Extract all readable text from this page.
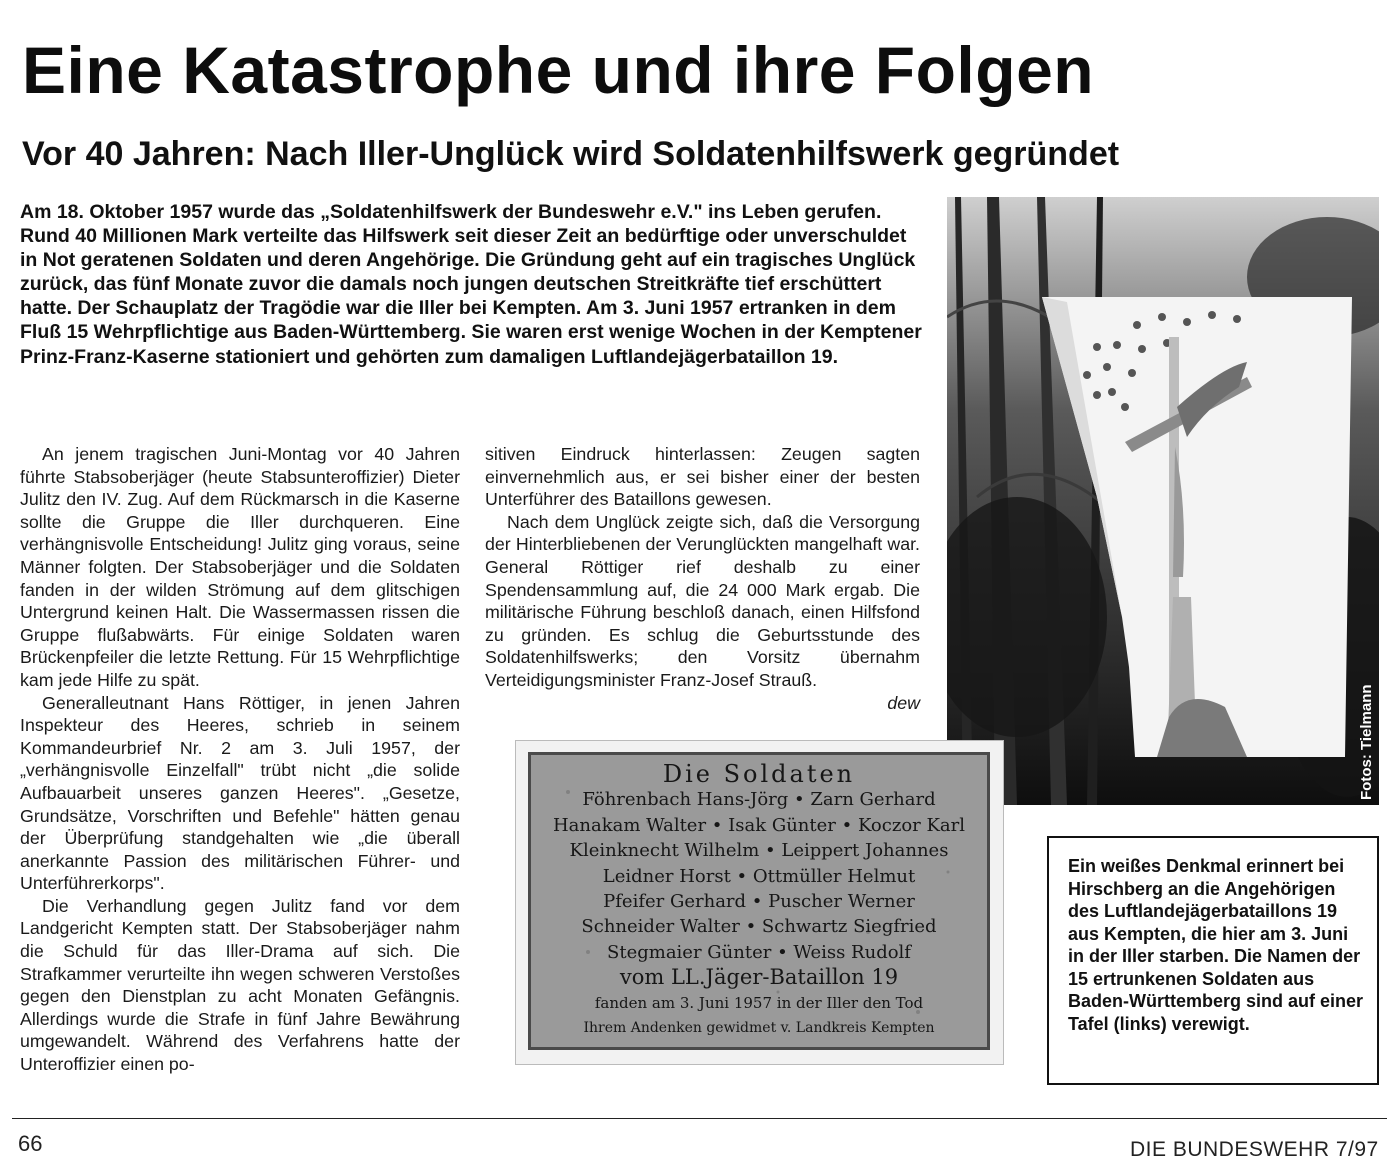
Eine Katastrophe und ihre Folgen
Vor 40 Jahren: Nach Iller-Unglück wird Soldatenhilfswerk gegründet

Am 18. Oktober 1957 wurde das „Soldatenhilfswerk der Bundeswehr e.V." ins Leben gerufen. Rund 40 Millionen Mark verteilte das Hilfswerk seit dieser Zeit an bedürftige oder unverschuldet in Not geratenen Soldaten und deren Angehörige. Die Gründung geht auf ein tragisches Unglück zurück, das fünf Monate zuvor die damals noch jungen deutschen Streitkräfte tief erschüttert hatte. Der Schauplatz der Tragödie war die Iller bei Kempten. Am 3. Juni 1957 ertranken in dem Fluß 15 Wehrpflichtige aus Baden-Württemberg. Sie waren erst wenige Wochen in der Kemptener Prinz-Franz-Kaserne stationiert und gehörten zum damaligen Luftlandejägerbataillon 19.

An jenem tragischen Juni-Montag vor 40 Jahren führte Stabsoberjäger (heute Stabsunteroffizier) Dieter Julitz den IV. Zug. Auf dem Rückmarsch in die Kaserne sollte die Gruppe die Iller durchqueren. Eine verhängnisvolle Entscheidung! Julitz ging voraus, seine Männer folgten. Der Stabsoberjäger und die Soldaten fanden in der wilden Strömung auf dem glitschigen Untergrund keinen Halt. Die Wassermassen rissen die Gruppe flußabwärts. Für einige Soldaten waren Brückenpfeiler die letzte Rettung. Für 15 Wehrpflichtige kam jede Hilfe zu spät.

Generalleutnant Hans Röttiger, in jenen Jahren Inspekteur des Heeres, schrieb in seinem Kommandeurbrief Nr. 2 am 3. Juli 1957, der „verhängnisvolle Einzelfall" trübt nicht „die solide Aufbauarbeit unseres ganzen Heeres". „Gesetze, Grundsätze, Vorschriften und Befehle" hätten genau der Überprüfung standgehalten wie „die überall anerkannte Passion des militärischen Führer- und Unterführerkorps".

Die Verhandlung gegen Julitz fand vor dem Landgericht Kempten statt. Der Stabsoberjäger nahm die Schuld für das Iller-Drama auf sich. Die Strafkammer verurteilte ihn wegen schweren Verstoßes gegen den Dienstplan zu acht Monaten Gefängnis. Allerdings wurde die Strafe in fünf Jahre Bewährung umgewandelt. Während des Verfahrens hatte der Unteroffizier einen po-

sitiven Eindruck hinterlassen: Zeugen sagten einvernehmlich aus, er sei bisher einer der besten Unterführer des Bataillons gewesen.

Nach dem Unglück zeigte sich, daß die Versorgung der Hinterbliebenen der Verunglückten mangelhaft war. General Röttiger rief deshalb zu einer Spendensammlung auf, die 24 000 Mark ergab. Die militärische Führung beschloß danach, einen Hilfsfond zu gründen. Es schlug die Geburtsstunde des Soldatenhilfswerks; den Vorsitz übernahm Verteidigungsminister Franz-Josef Strauß.

dew	Fotos: Tielmann
Die Soldaten
Föhrenbach Hans-Jörg • Zarn Gerhard
Hanakam Walter • Isak Günter • Koczor Karl
Kleinknecht Wilhelm • Leippert Johannes
Leidner Horst • Ottmüller Helmut
Pfeifer Gerhard • Puscher Werner
Schneider Walter • Schwartz Siegfried
Stegmaier Günter • Weiss Rudolf
vom LL.Jäger-Bataillon 19
fanden am 3. Juni 1957 in der Iller den Tod
Ihrem Andenken gewidmet v. Landkreis Kempten
Ein weißes Denkmal erinnert bei Hirschberg an die Angehörigen des Luftlandejägerbataillons 19 aus Kempten, die hier am 3. Juni in der Iller starben. Die Namen der 15 ertrunkenen Soldaten aus Baden-Württemberg sind auf einer Tafel (links) verewigt.
66	DIE BUNDESWEHR 7/97
